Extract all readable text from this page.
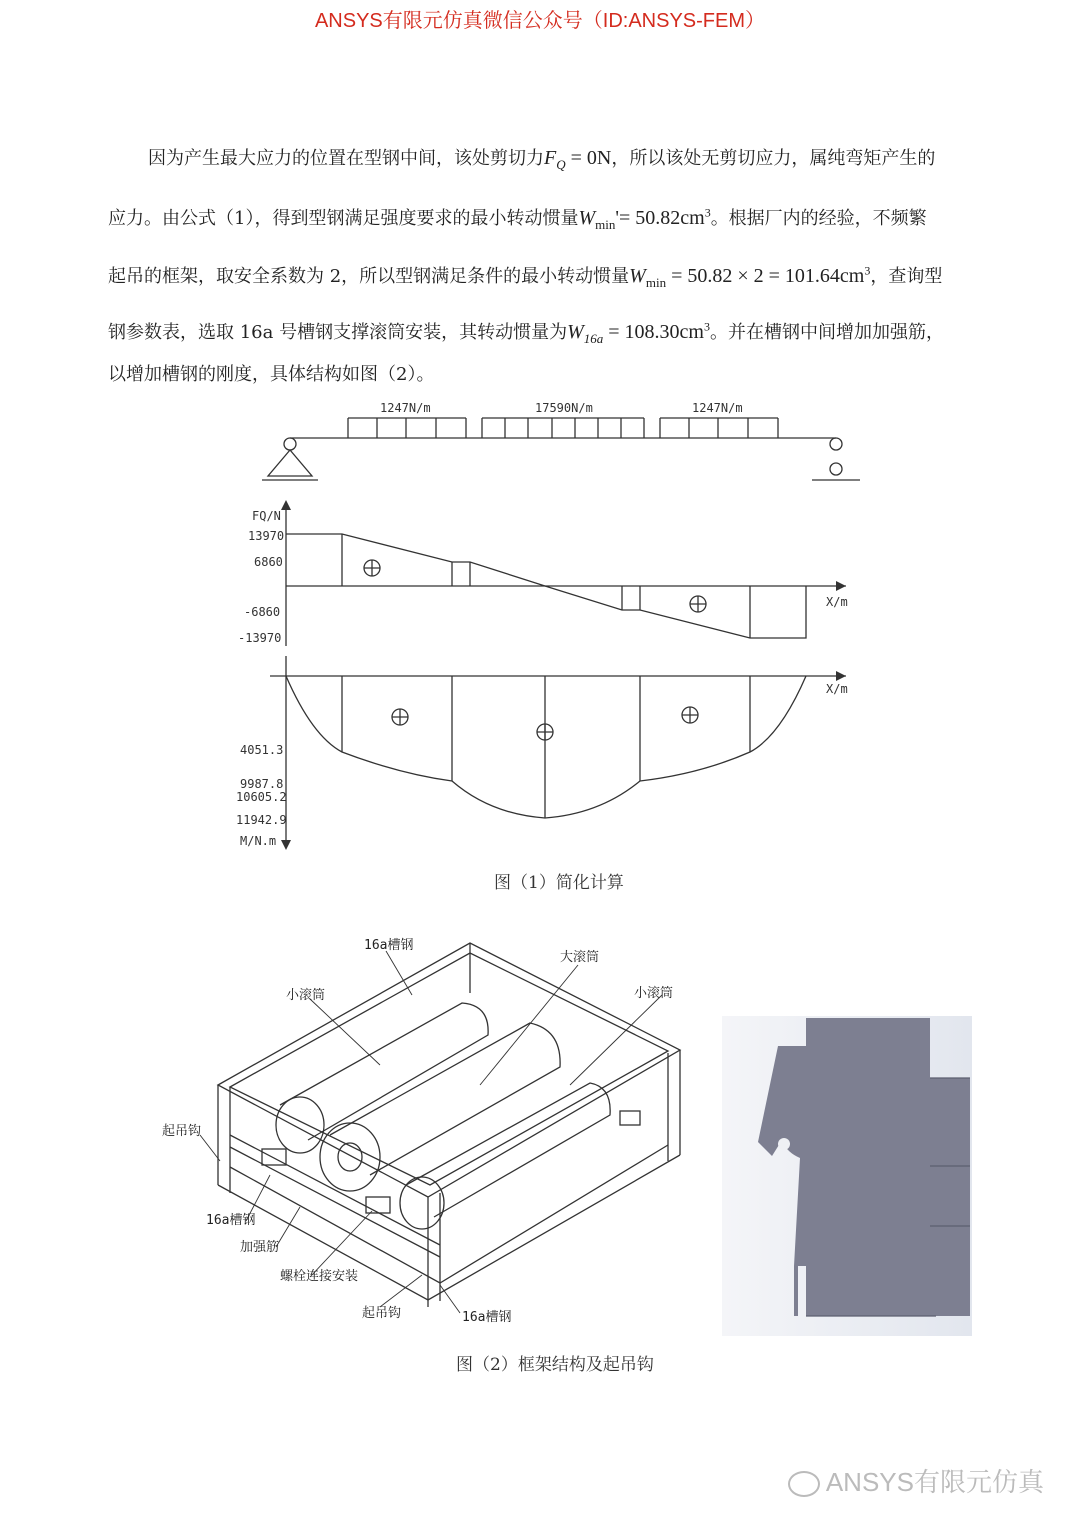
ANSYS有限元仿真微信公众号（ID:ANSYS-FEM）
因为产生最大应力的位置在型钢中间，该处剪切力$F_Q = 0N$，所以该处无剪切应力，属纯弯矩产生的
应力。由公式（1），得到型钢满足强度要求的最小转动惯量$W_{min}'= 50.82cm^3$。根据厂内的经验，不频繁
起吊的框架，取安全系数为 2，所以型钢满足条件的最小转动惯量$W_{min} = 50.82 \times 2 = 101.64cm^3$，查询型
钢参数表，选取 16a 号槽钢支撑滚筒安装，其转动惯量为$W_{16a} = 108.30cm^3$。并在槽钢中间增加加强筋，
以增加槽钢的刚度，具体结构如图（2）。
1247N/m	17590N/m	1247N/m
FQ/N
13970
6860
-6860
-13970
X/m
X/m
4051.3
9987.8
10605.2
11942.9
M/N.m
图（1）简化计算
16a槽钢
大滚筒
小滚筒	小滚筒
起吊钩
16a槽钢
加强筋
螺栓连接安装
起吊钩	16a槽钢
图（2）框架结构及起吊钩
ANSYS有限元仿真
